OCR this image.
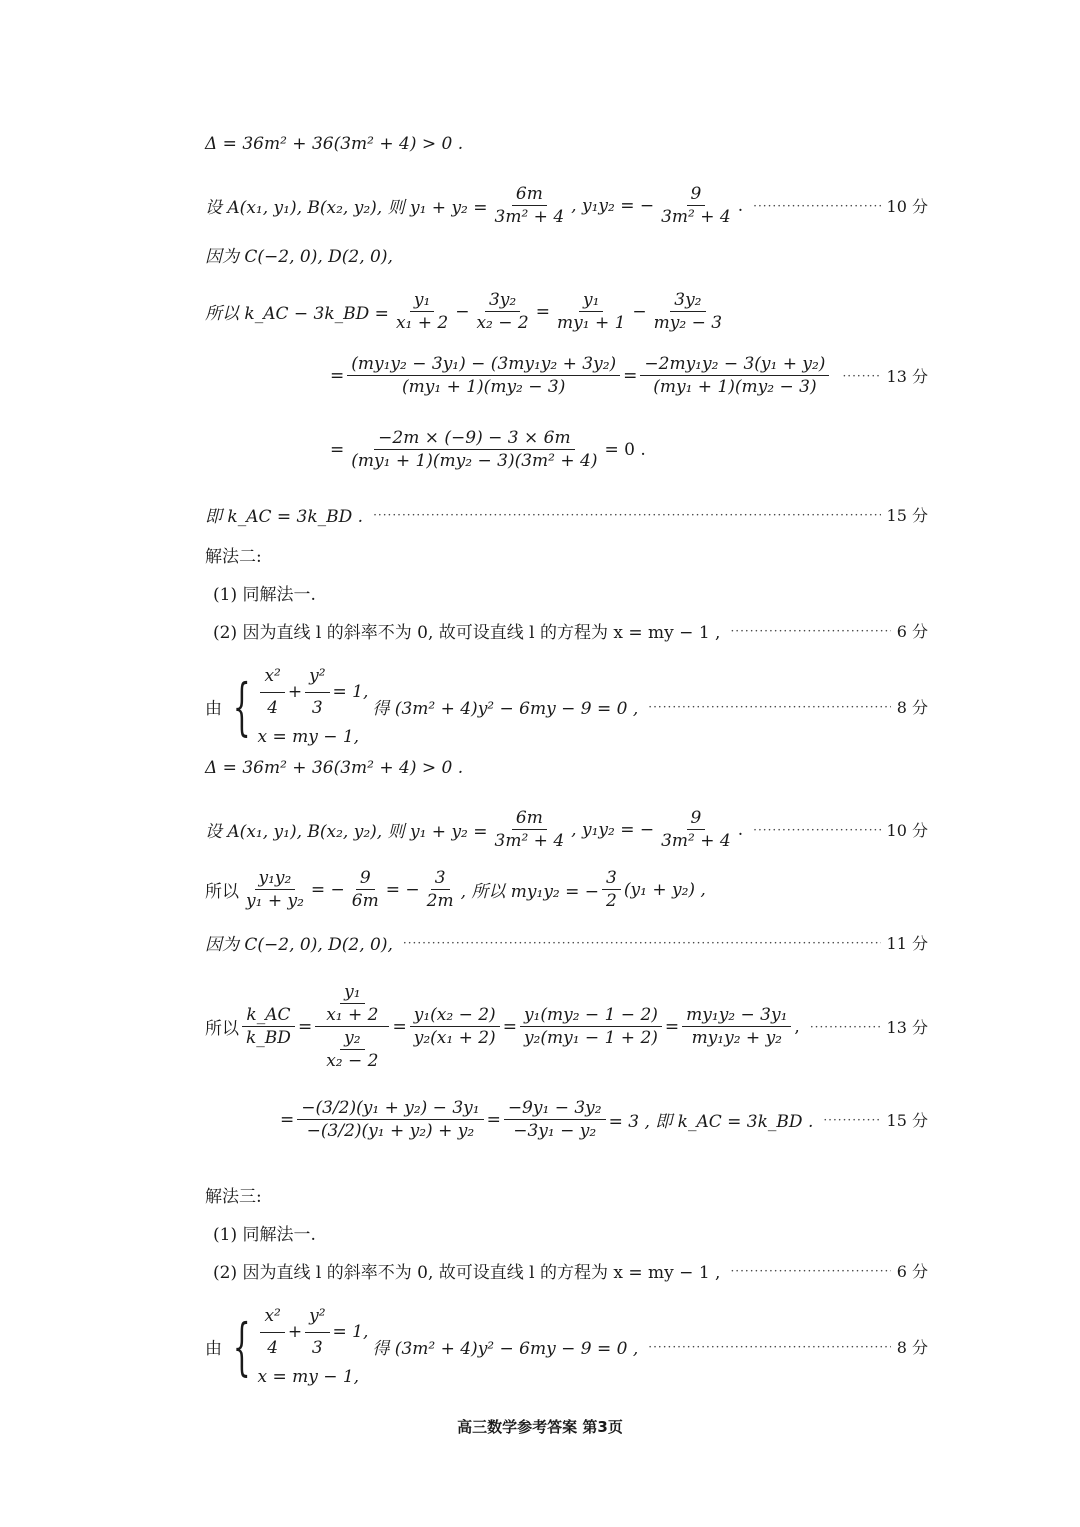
Δ = 36m² + 36(3m² + 4) > 0 .
设 A(x₁, y₁), B(x₂, y₂), 则 $y_1 + y_2 = \frac{6m}{\text{3m² + 4}}$ , y₁y₂ = − $\frac{9}{\text{3m² + 4}}$ . ·····	10 分
因为 C(−2, 0), D(2, 0),
所以 k_AC − 3k_BD = $\frac{\text{y₁}}{\text{x₁ + 2}} - \frac{\text{3y₂}}{\text{x₂ − 2}} = \frac{\text{y₁}}{\text{my₁ + 1}} - \frac{\text{3y₂}}{\text{my₂ − 3}}$
= $\frac{\text{(my₁y₂ − 3y₁) − (3my₁y₂ + 3y₂)}}{\text{(my₁ + 1)(my₂ − 3)}} = \frac{\text{−2my₁y₂ − 3(y₁ + y₂)}}{\text{(my₁ + 1)(my₂ − 3)}}$ ·····	13 分
= $\frac{-2m \times (-9) - 3 \times 6m}{\text{(my₁ + 1)(my₂ − 3)(3m² + 4)}} = 0$ .
即 k_AC = 3k_BD . ·····	15 分
解法二:
(1) 同解法一.
(2) 因为直线 l 的斜率不为 0, 故可设直线 l 的方程为 x = my − 1 , ·····	6 分
由 { $\frac{\text{x²}}{4} + \frac{\text{y²}}{3} = 1$,
x = my − 1,
得 (3m² + 4)y² − 6my − 9 = 0 , ·····	8 分
Δ = 36m² + 36(3m² + 4) > 0 .
设 A(x₁, y₁), B(x₂, y₂), 则 $y_1 + y_2 = \frac{6m}{\text{3m² + 4}}$ , y₁y₂ = − $\frac{9}{\text{3m² + 4}}$ . ·····	10 分
所以 $\frac{\text{y₁y₂}}{\text{y₁ + y₂}}$ = − $\frac{9}{6m}$ = − $\frac{3}{2m}$ , 所以 my₁y₂ = − $\frac{3}{2} (y_1 + y_2)$ ,
因为 C(−2, 0), D(2, 0), ·····	11 分
所以 $\frac{k\_AC}{k\_BD} = \frac{\frac{\text{y₁}}{\text{x₁ + 2}}}{\frac{\text{y₂}}{\text{x₂ − 2}}} = \frac{\text{y₁(x₂ − 2)}}{\text{y₂(x₁ + 2)}} = \frac{\text{y₁(my₂ − 1 − 2)}}{\text{y₂(my₁ − 1 + 2)}} = \frac{\text{my₁y₂ − 3y₁}}{\text{my₁y₂ + y₂}}$ , ·····	13 分
= $\frac{\text{−(3/2)(y₁ + y₂) − 3y₁}}{\text{−(3/2)(y₁ + y₂) + y₂}} = \frac{\text{−9y₁ − 3y₂}}{\text{−3y₁ − y₂}} = 3$ , 即 k_AC = 3k_BD . ·····	15 分
解法三:
(1) 同解法一.
(2) 因为直线 l 的斜率不为 0, 故可设直线 l 的方程为 x = my − 1 , ·····	6 分
由 { $\frac{\text{x²}}{4} + \frac{\text{y²}}{3} = 1$,
x = my − 1,
得 (3m² + 4)y² − 6my − 9 = 0 , ·····	8 分
高三数学参考答案 第3页
